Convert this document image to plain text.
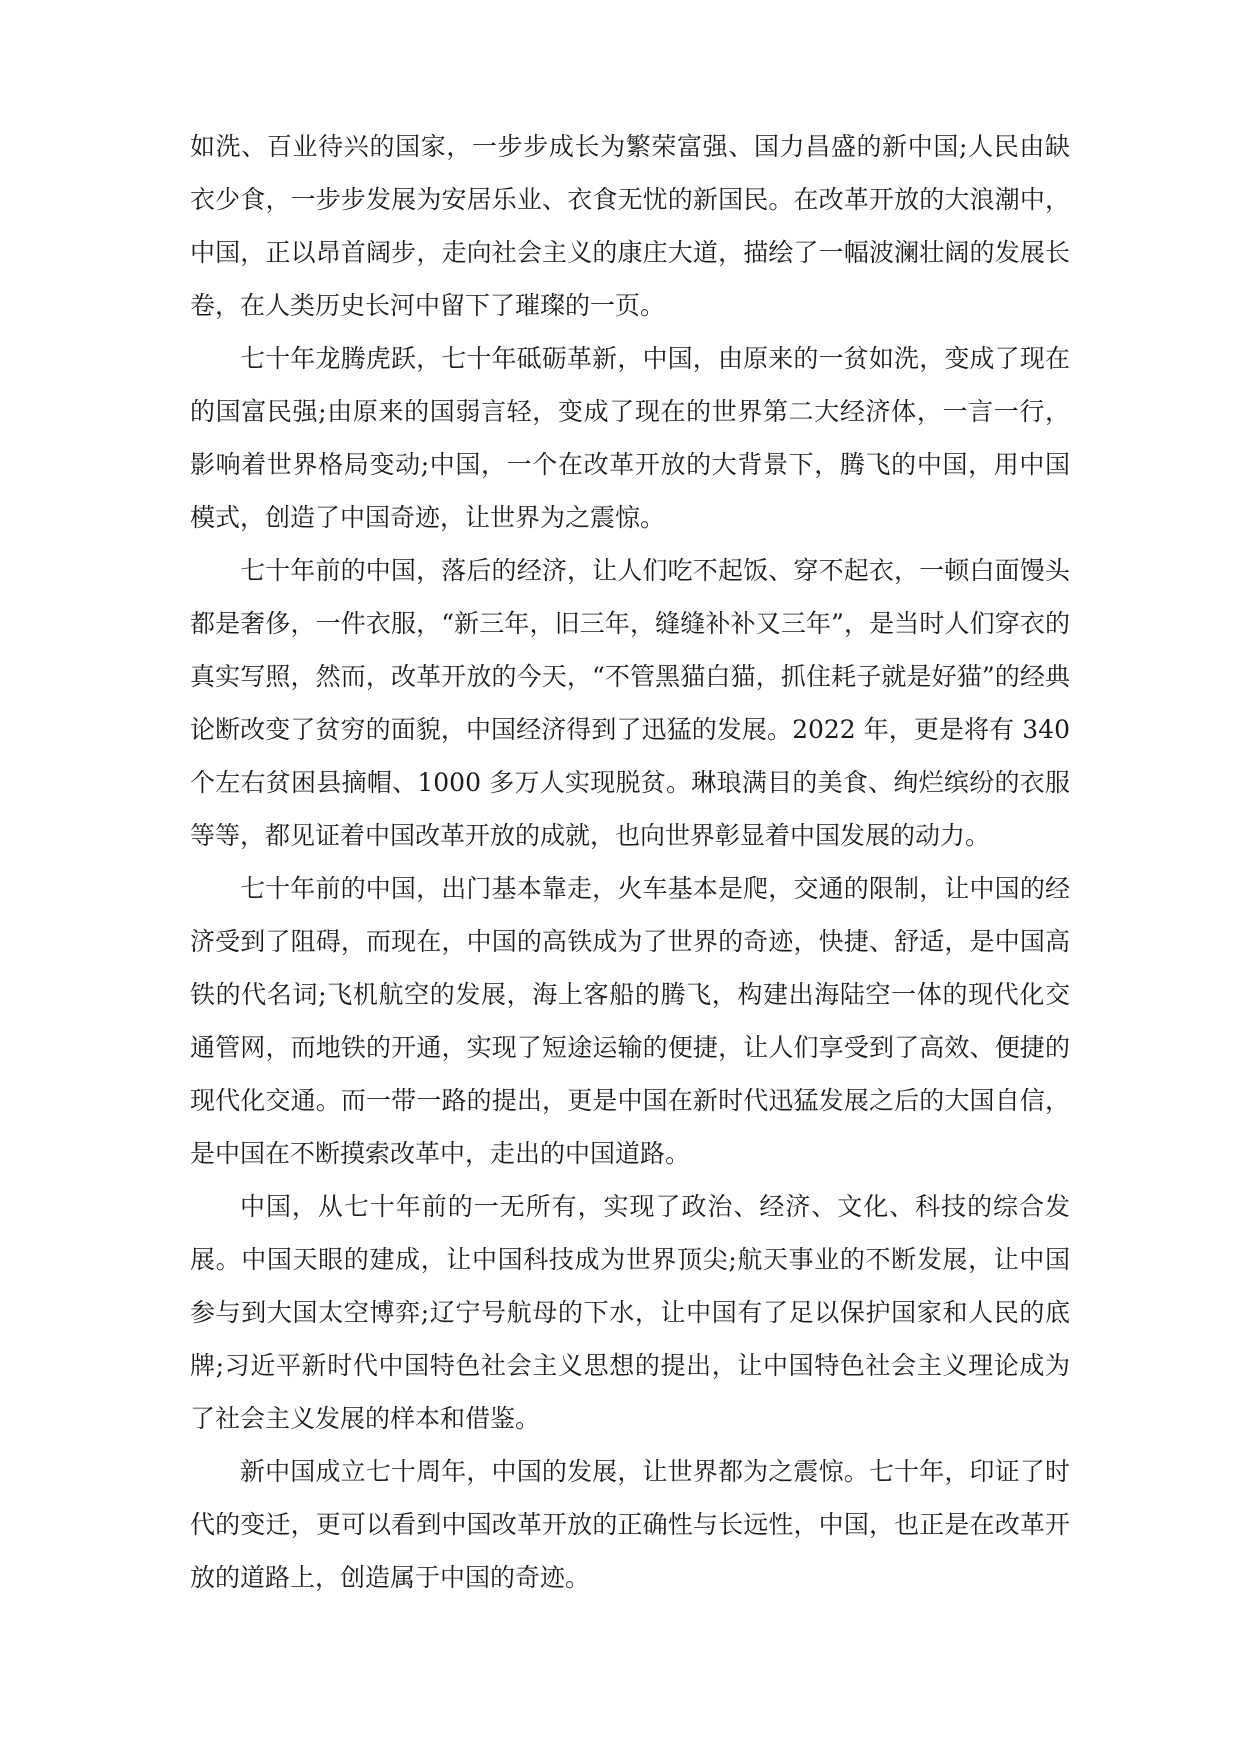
如洗、百业待兴的国家，一步步成长为繁荣富强、国力昌盛的新中国;人民由缺衣少食，一步步发展为安居乐业、衣食无忧的新国民。在改革开放的大浪潮中，中国，正以昂首阔步，走向社会主义的康庄大道，描绘了一幅波澜壮阔的发展长卷，在人类历史长河中留下了璀璨的一页。

七十年龙腾虎跃，七十年砥砺革新，中国，由原来的一贫如洗，变成了现在的国富民强;由原来的国弱言轻，变成了现在的世界第二大经济体，一言一行，影响着世界格局变动;中国，一个在改革开放的大背景下，腾飞的中国，用中国模式，创造了中国奇迹，让世界为之震惊。

七十年前的中国，落后的经济，让人们吃不起饭、穿不起衣，一顿白面馒头都是奢侈，一件衣服，“新三年，旧三年，缝缝补补又三年”，是当时人们穿衣的真实写照，然而，改革开放的今天，“不管黑猫白猫，抓住耗子就是好猫”的经典论断改变了贫穷的面貌，中国经济得到了迅猛的发展。2022 年，更是将有 340 个左右贫困县摘帽、1000 多万人实现脱贫。琳琅满目的美食、绚烂缤纷的衣服等等，都见证着中国改革开放的成就，也向世界彰显着中国发展的动力。

七十年前的中国，出门基本靠走，火车基本是爬，交通的限制，让中国的经济受到了阻碍，而现在，中国的高铁成为了世界的奇迹，快捷、舒适，是中国高铁的代名词;飞机航空的发展，海上客船的腾飞，构建出海陆空一体的现代化交通管网，而地铁的开通，实现了短途运输的便捷，让人们享受到了高效、便捷的现代化交通。而一带一路的提出，更是中国在新时代迅猛发展之后的大国自信，是中国在不断摸索改革中，走出的中国道路。

中国，从七十年前的一无所有，实现了政治、经济、文化、科技的综合发展。中国天眼的建成，让中国科技成为世界顶尖;航天事业的不断发展，让中国参与到大国太空博弈;辽宁号航母的下水，让中国有了足以保护国家和人民的底牌;习近平新时代中国特色社会主义思想的提出，让中国特色社会主义理论成为了社会主义发展的样本和借鉴。

新中国成立七十周年，中国的发展，让世界都为之震惊。七十年，印证了时代的变迁，更可以看到中国改革开放的正确性与长远性，中国，也正是在改革开放的道路上，创造属于中国的奇迹。
